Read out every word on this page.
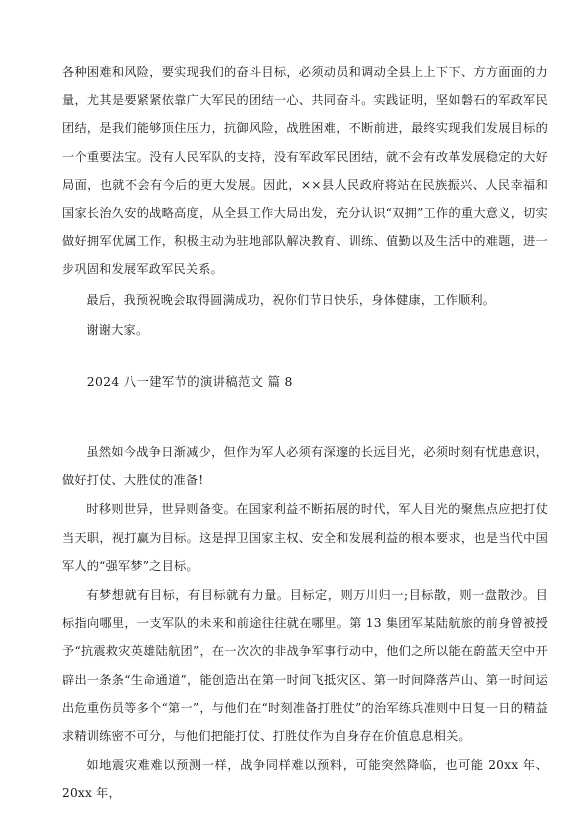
各种困难和风险，要实现我们的奋斗目标，必须动员和调动全县上上下下、方方面面的力量，尤其是要紧紧依靠广大军民的团结一心、共同奋斗。实践证明，坚如磐石的军政军民团结，是我们能够顶住压力，抗御风险，战胜困难，不断前进，最终实现我们发展目标的一个重要法宝。没有人民军队的支持，没有军政军民团结，就不会有改革发展稳定的大好局面，也就不会有今后的更大发展。因此，××县人民政府将站在民族振兴、人民幸福和国家长治久安的战略高度，从全县工作大局出发，充分认识“双拥”工作的重大意义，切实做好拥军优属工作，积极主动为驻地部队解决教育、训练、值勤以及生活中的难题，进一步巩固和发展军政军民关系。

最后，我预祝晚会取得圆满成功，祝你们节日快乐，身体健康，工作顺利。

谢谢大家。

2024 八一建军节的演讲稿范文 篇 8

虽然如今战争日渐减少，但作为军人必须有深邃的长远目光，必须时刻有忧患意识，做好打仗、大胜仗的准备!

时移则世异，世异则备变。在国家利益不断拓展的时代，军人目光的聚焦点应把打仗当天职，视打赢为目标。这是捍卫国家主权、安全和发展利益的根本要求，也是当代中国军人的“强军梦”之目标。

有梦想就有目标，有目标就有力量。目标定，则万川归一;目标散，则一盘散沙。目标指向哪里，一支军队的未来和前途往往就在哪里。第 13 集团军某陆航旅的前身曾被授予“抗震救灾英雄陆航团”，在一次次的非战争军事行动中，他们之所以能在蔚蓝天空中开辟出一条条“生命通道”，能创造出在第一时间飞抵灾区、第一时间降落芦山、第一时间运出危重伤员等多个“第一”，与他们在“时刻准备打胜仗”的治军练兵准则中日复一日的精益求精训练密不可分，与他们把能打仗、打胜仗作为自身存在价值息息相关。

如地震灾难难以预测一样，战争同样难以预料，可能突然降临，也可能 20xx 年、20xx 年，
